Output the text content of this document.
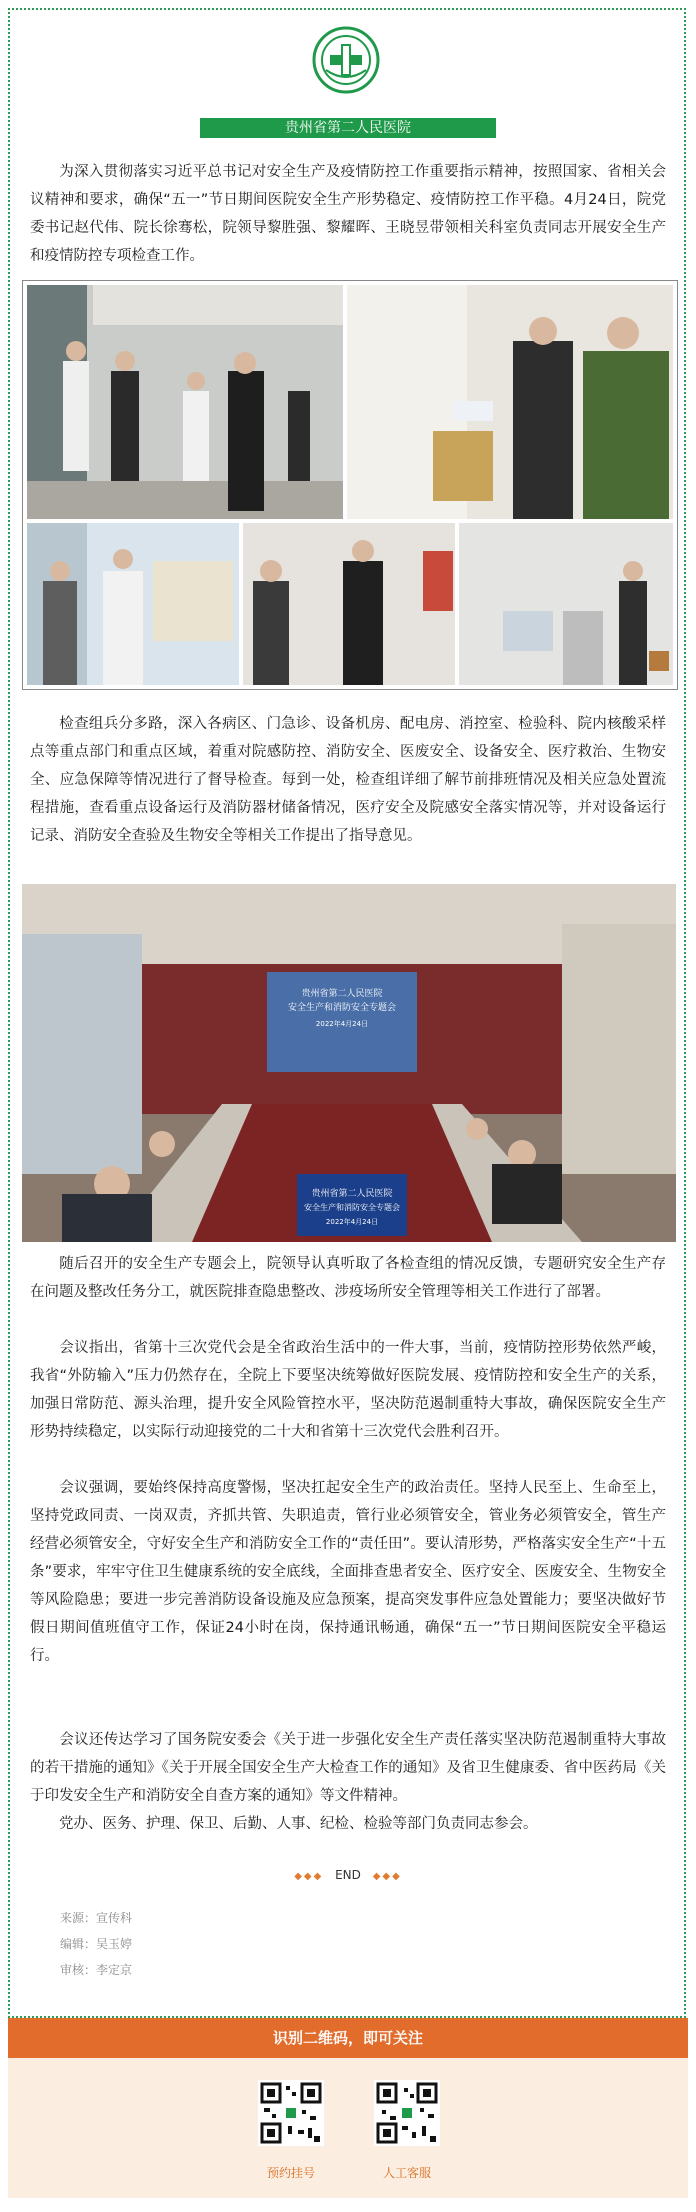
贵州省第二人民医院

为深入贯彻落实习近平总书记对安全生产及疫情防控工作重要指示精神，按照国家、省相关会议精神和要求，确保“五一”节日期间医院安全生产形势稳定、疫情防控工作平稳。4月24日，院党委书记赵代伟、院长徐骞松，院领导黎胜强、黎耀晖、王晓昱带领相关科室负责同志开展安全生产和疫情防控专项检查工作。

检查组兵分多路，深入各病区、门急诊、设备机房、配电房、消控室、检验科、院内核酸采样点等重点部门和重点区域，着重对院感防控、消防安全、医废安全、设备安全、医疗救治、生物安全、应急保障等情况进行了督导检查。每到一处，检查组详细了解节前排班情况及相关应急处置流程措施，查看重点设备运行及消防器材储备情况，医疗安全及院感安全落实情况等，并对设备运行记录、消防安全查验及生物安全等相关工作提出了指导意见。

贵州省第二人民医院
安全生产和消防安全专题会
2022年4月24日
贵州省第二人民医院
安全生产和消防安全专题会
2022年4月24日

随后召开的安全生产专题会上，院领导认真听取了各检查组的情况反馈，专题研究安全生产存在问题及整改任务分工，就医院排查隐患整改、涉疫场所安全管理等相关工作进行了部署。

会议指出，省第十三次党代会是全省政治生活中的一件大事，当前，疫情防控形势依然严峻，我省“外防输入”压力仍然存在，全院上下要坚决统筹做好医院发展、疫情防控和安全生产的关系，加强日常防范、源头治理，提升安全风险管控水平，坚决防范遏制重特大事故，确保医院安全生产形势持续稳定，以实际行动迎接党的二十大和省第十三次党代会胜利召开。

会议强调，要始终保持高度警惕，坚决扛起安全生产的政治责任。坚持人民至上、生命至上，坚持党政同责、一岗双责，齐抓共管、失职追责，管行业必须管安全，管业务必须管安全，管生产经营必须管安全，守好安全生产和消防安全工作的“责任田”。要认清形势，严格落实安全生产“十五条”要求，牢牢守住卫生健康系统的安全底线，全面排查患者安全、医疗安全、医废安全、生物安全等风险隐患；要进一步完善消防设备设施及应急预案，提高突发事件应急处置能力；要坚决做好节假日期间值班值守工作，保证24小时在岗，保持通讯畅通，确保“五一”节日期间医院安全平稳运行。

会议还传达学习了国务院安委会《关于进一步强化安全生产责任落实坚决防范遏制重特大事故的若干措施的通知》《关于开展全国安全生产大检查工作的通知》及省卫生健康委、省中医药局《关于印发安全生产和消防安全自查方案的通知》等文件精神。

党办、医务、护理、保卫、后勤、人事、纪检、检验等部门负责同志参会。

◆◆◆ END ◆◆◆
来源：宣传科
编辑：吴玉婷
审核：李定京
识别二维码，即可关注
预约挂号	人工客服
